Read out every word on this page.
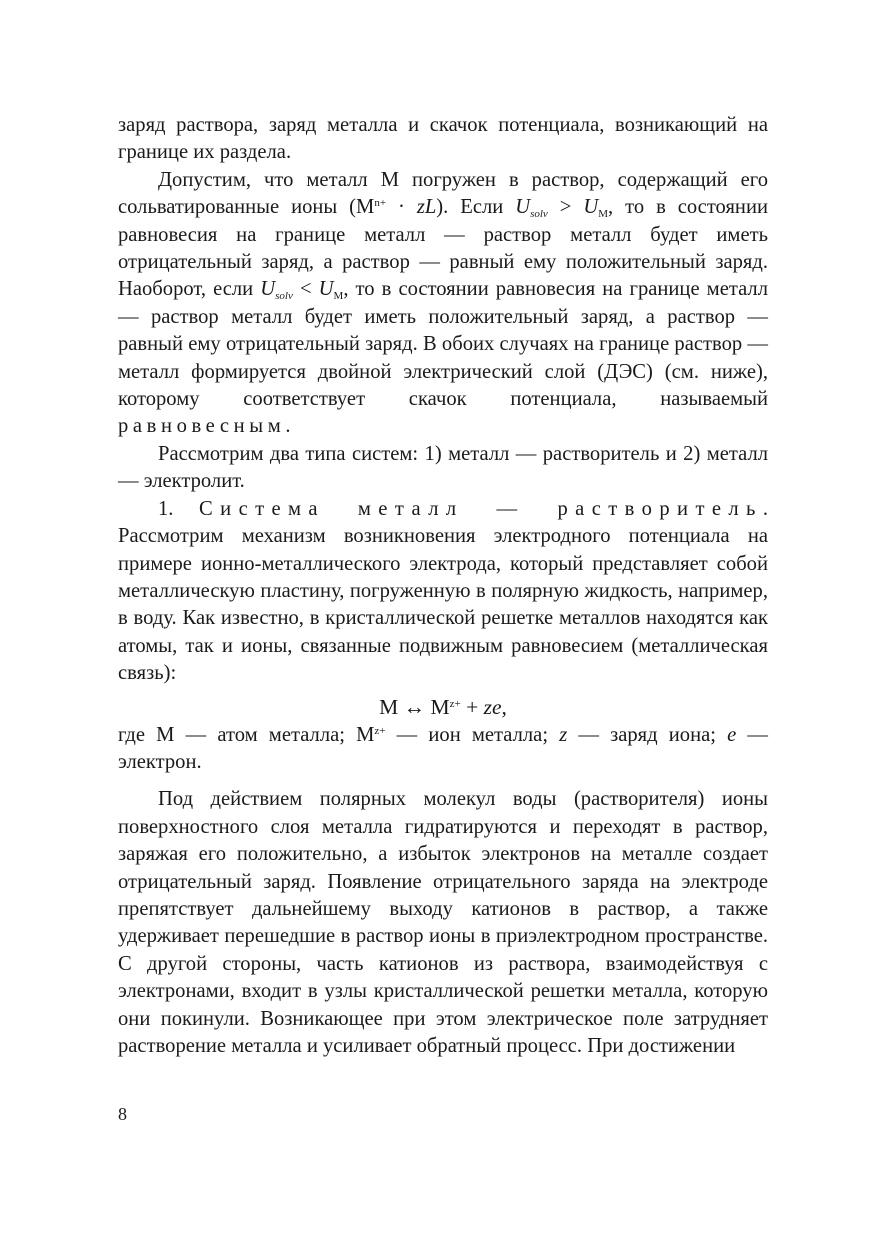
заряд раствора, заряд металла и скачок потенциала, возникающий на границе их раздела.

Допустим, что металл М погружен в раствор, содержащий его сольватированные ионы $(М^{n+} \cdot zL)$. Если $U_{solv} > U_М$, то в состоянии равновесия на границе металл — раствор металл будет иметь отрицательный заряд, а раствор — равный ему положительный заряд. Наоборот, если $U_{solv} < U_М$, то в состоянии равновесия на границе металл — раствор металл будет иметь положительный заряд, а раствор — равный ему отрицательный заряд. В обоих случаях на границе раствор — металл формируется двойной электрический слой (ДЭС) (см. ниже), которому соответствует скачок потенциала, называемый равновесным.

Рассмотрим два типа систем: 1) металл — растворитель и 2) металл — электролит.

1. Система металл — растворитель. Рассмотрим механизм возникновения электродного потенциала на примере ионно-металлического электрода, который представляет собой металлическую пластину, погруженную в полярную жидкость, например, в воду. Как известно, в кристаллической решетке металлов находятся как атомы, так и ионы, связанные подвижным равновесием (металлическая связь):

М ↔ $М^{z+}$ + ze,

где М — атом металла; $М^{z+}$ — ион металла; z — заряд иона; e — электрон.

Под действием полярных молекул воды (растворителя) ионы поверхностного слоя металла гидратируются и переходят в раствор, заряжая его положительно, а избыток электронов на металле создает отрицательный заряд. Появление отрицательного заряда на электроде препятствует дальнейшему выходу катионов в раствор, а также удерживает перешедшие в раствор ионы в приэлектродном пространстве. С другой стороны, часть катионов из раствора, взаимодействуя с электронами, входит в узлы кристаллической решетки металла, которую они покинули. Возникающее при этом электрическое поле затрудняет растворение металла и усиливает обратный процесс. При достижении

8
